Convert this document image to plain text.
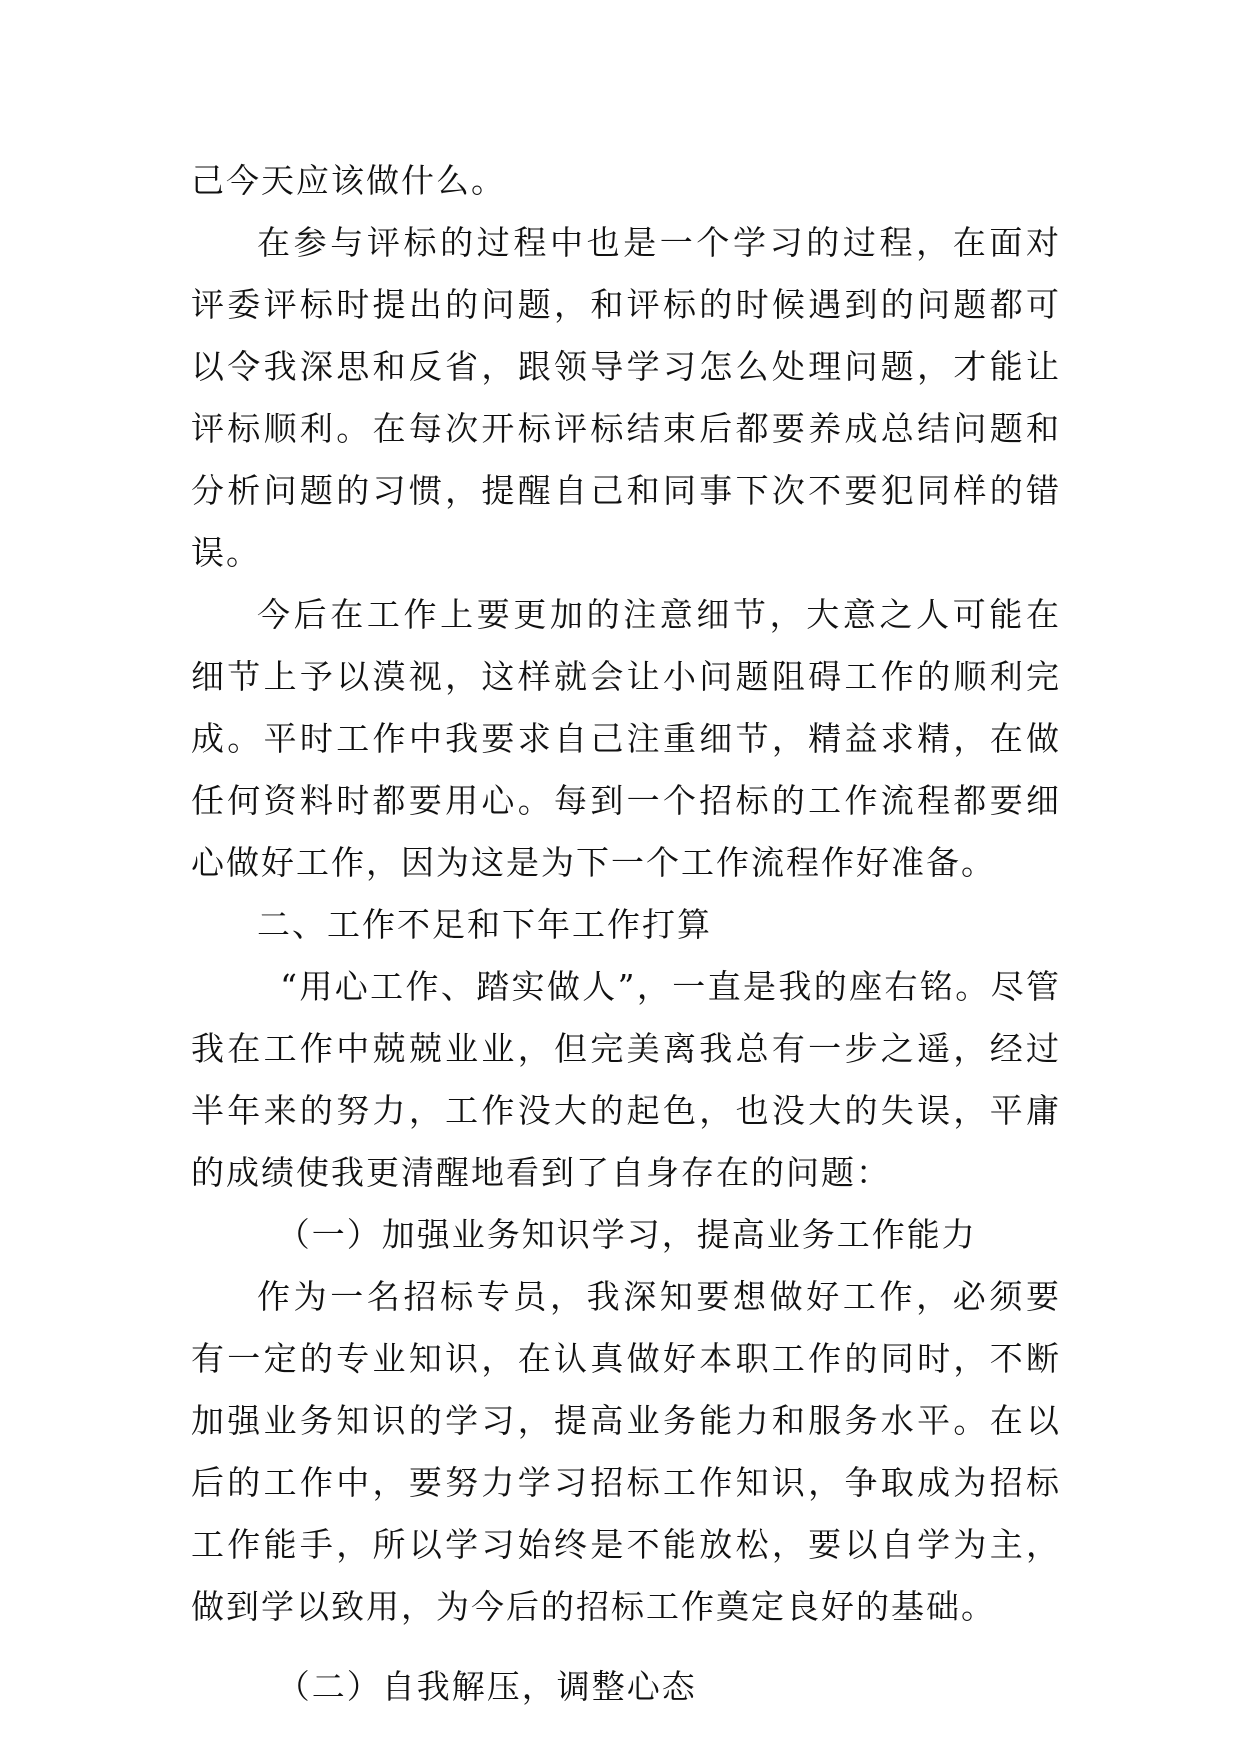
己今天应该做什么。

在参与评标的过程中也是一个学习的过程，在面对评委评标时提出的问题，和评标的时候遇到的问题都可以令我深思和反省，跟领导学习怎么处理问题，才能让评标顺利。在每次开标评标结束后都要养成总结问题和分析问题的习惯，提醒自己和同事下次不要犯同样的错误。

今后在工作上要更加的注意细节，大意之人可能在细节上予以漠视，这样就会让小问题阻碍工作的顺利完成。平时工作中我要求自己注重细节，精益求精，在做任何资料时都要用心。每到一个招标的工作流程都要细心做好工作，因为这是为下一个工作流程作好准备。

二、工作不足和下年工作打算

“用心工作、踏实做人”，一直是我的座右铭。尽管我在工作中兢兢业业，但完美离我总有一步之遥，经过半年来的努力，工作没大的起色，也没大的失误，平庸的成绩使我更清醒地看到了自身存在的问题：

（一）加强业务知识学习，提高业务工作能力

作为一名招标专员，我深知要想做好工作，必须要有一定的专业知识，在认真做好本职工作的同时，不断加强业务知识的学习，提高业务能力和服务水平。在以后的工作中，要努力学习招标工作知识，争取成为招标工作能手，所以学习始终是不能放松，要以自学为主，做到学以致用，为今后的招标工作奠定良好的基础。

（二）自我解压，调整心态
